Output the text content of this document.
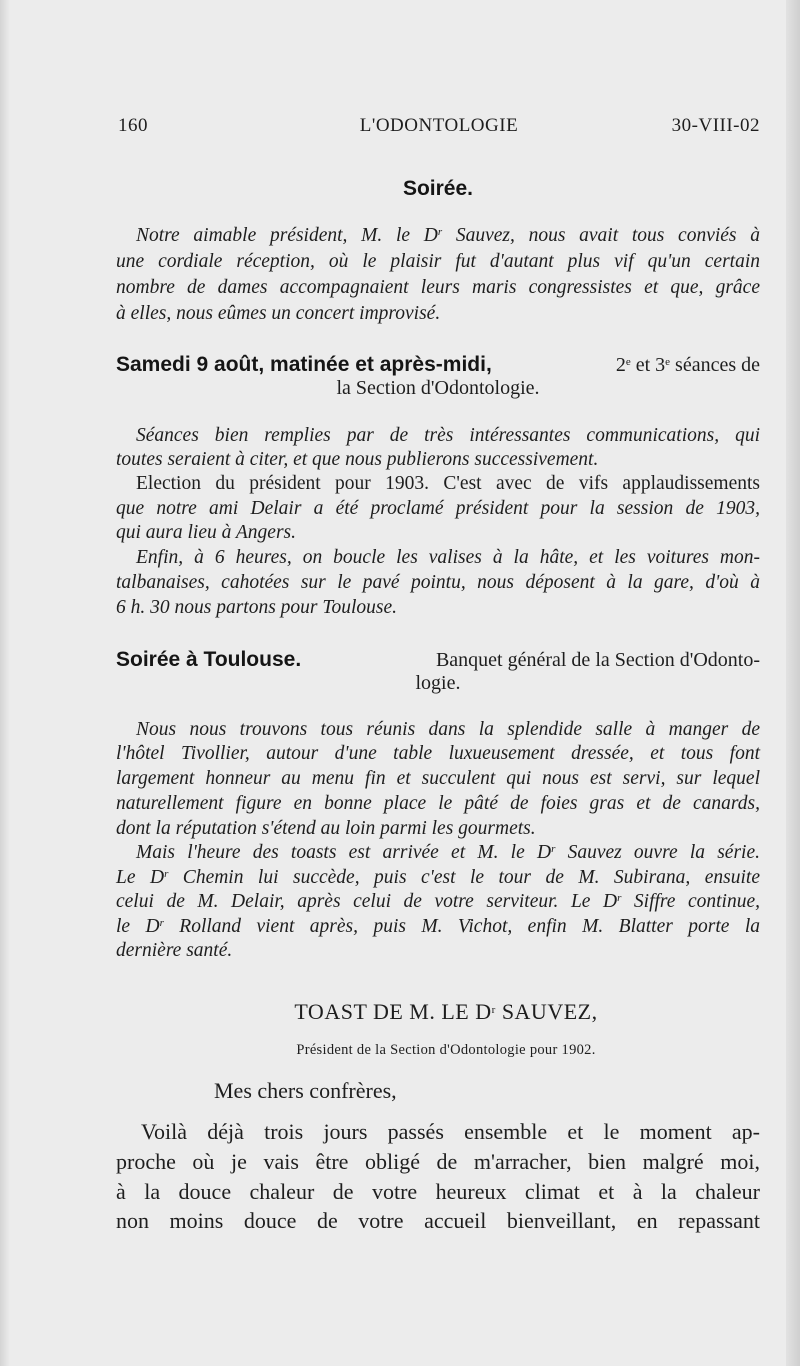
160	L'ODONTOLOGIE	30-VIII-02
Soirée.
Notre aimable président, M. le $D^r$ Sauvez, nous avait tous conviés à
une cordiale réception, où le plaisir fut d'autant plus vif qu'un certain
nombre de dames accompagnaient leurs maris congressistes et que, grâce
à elles, nous eûmes un concert improvisé.
Samedi 9 août, matinée et après-midi,	2e et 3e séances de
la Section d'Odontologie.
Séances bien remplies par de très intéressantes communications, qui
toutes seraient à citer, et que nous publierons successivement.
Election du président pour 1903. C'est avec de vifs applaudissements
que notre ami Delair a été proclamé président pour la session de 1903,
qui aura lieu à Angers.
Enfin, à 6 heures, on boucle les valises à la hâte, et les voitures mon-
talbanaises, cahotées sur le pavé pointu, nous déposent à la gare, d'où à
6 h. 30 nous partons pour Toulouse.
Soirée à Toulouse.	Banquet général de la Section d'Odonto-
logie.
Nous nous trouvons tous réunis dans la splendide salle à manger de
l'hôtel Tivollier, autour d'une table luxueusement dressée, et tous font
largement honneur au menu fin et succulent qui nous est servi, sur lequel
naturellement figure en bonne place le pâté de foies gras et de canards,
dont la réputation s'étend au loin parmi les gourmets.
Mais l'heure des toasts est arrivée et M. le $D^r$ Sauvez ouvre la série.
Le $D^r$ Chemin lui succède, puis c'est le tour de M. Subirana, ensuite
celui de M. Delair, après celui de votre serviteur. Le $D^r$ Siffre continue,
le $D^r$ Rolland vient après, puis M. Vichot, enfin M. Blatter porte la
dernière santé.
TOAST DE M. LE $D^r$ SAUVEZ,
Président de la Section d'Odontologie pour 1902.
Mes chers confrères,
Voilà déjà trois jours passés ensemble et le moment ap-
proche où je vais être obligé de m'arracher, bien malgré moi,
à la douce chaleur de votre heureux climat et à la chaleur
non moins douce de votre accueil bienveillant, en repassant
